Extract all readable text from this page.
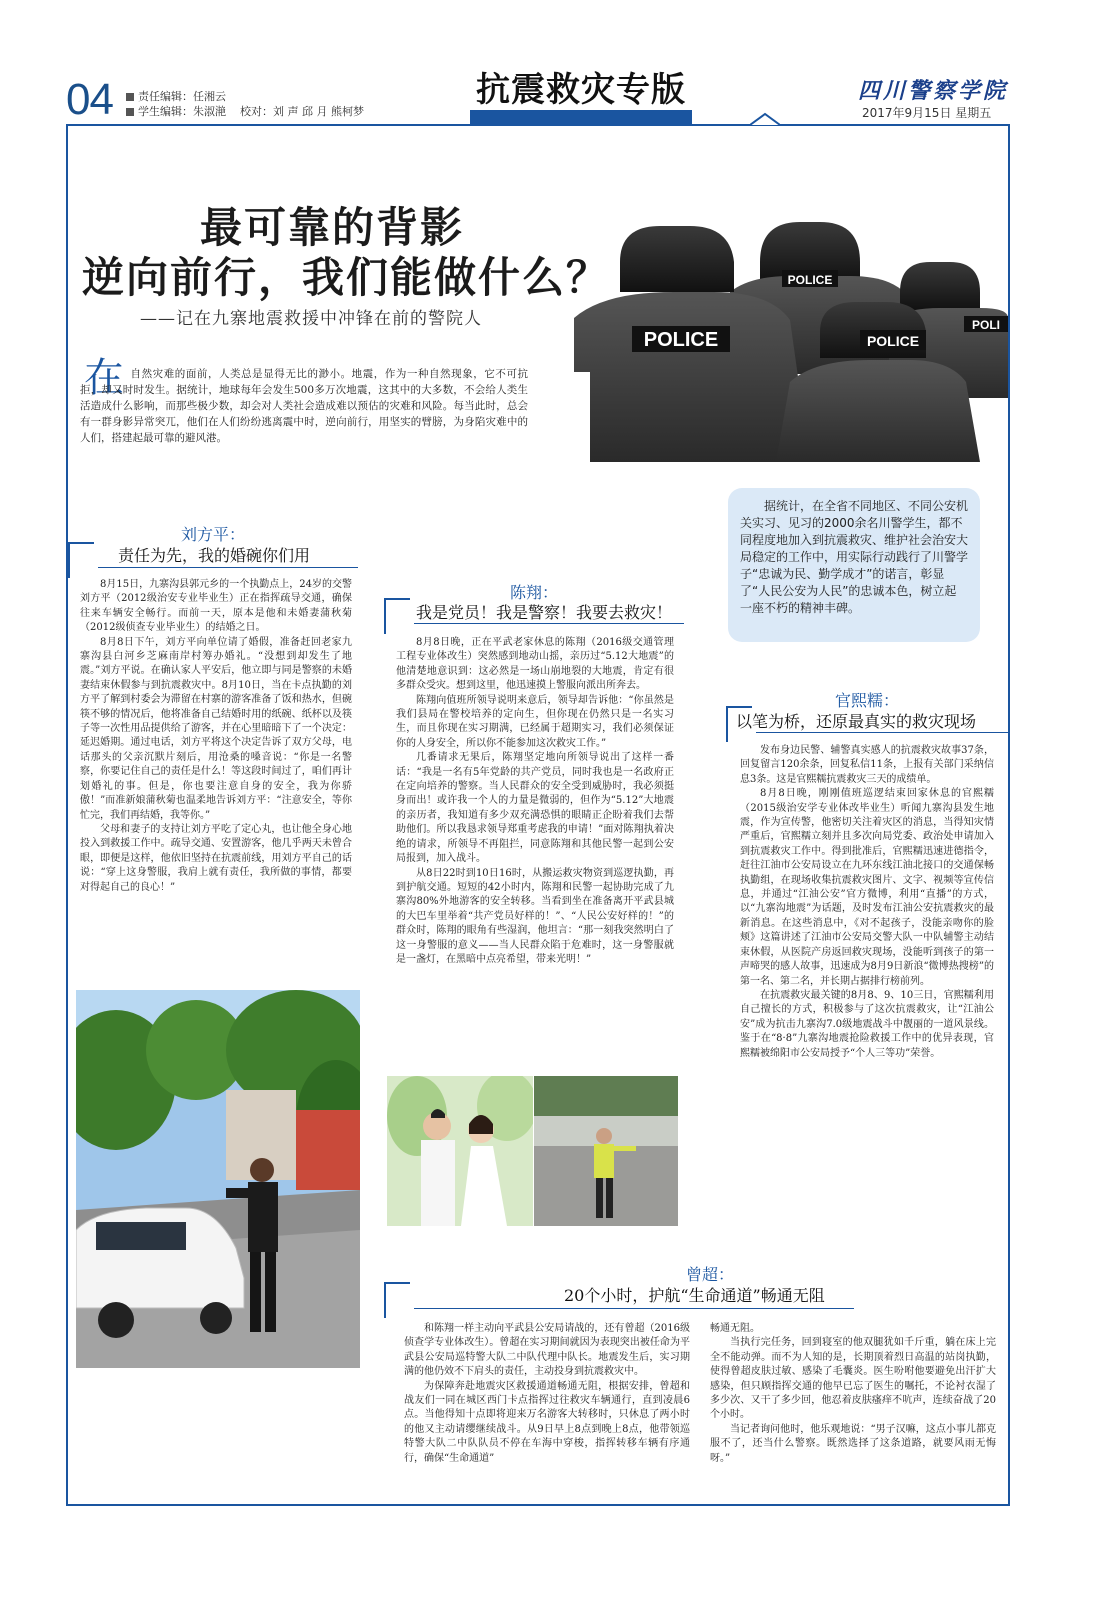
04	责任编辑：任湘云
学生编辑：朱淑滟 校对：刘 声 邱 月 熊柯梦
抗震救灾专版	四川警察学院
2017年9月15日 星期五
最可靠的背影
逆向前行，我们能做什么？
——记在九寨地震救援中冲锋在前的警院人
POLICE
POLICE
POLICE
POLI
在 自然灾难的面前，人类总是显得无比的渺小。地震，作为一种自然现象，它不可抗拒，却又时时发生。据统计，地球每年会发生500多万次地震，这其中的大多数，不会给人类生活造成什么影响，而那些极少数，却会对人类社会造成难以预估的灾难和风险。每当此时，总会有一群身影异常突兀，他们在人们纷纷逃离震中时，逆向前行，用坚实的臂膀，为身陷灾难中的人们，搭建起最可靠的避风港。
据统计，在全省不同地区、不同公安机关实习、见习的2000余名川警学生，都不同程度地加入到抗震救灾、维护社会治安大局稳定的工作中，用实际行动践行了川警学子“忠诚为民、勤学成才”的诺言，彰显了“人民公安为人民”的忠诚本色，树立起一座不朽的精神丰碑。
刘方平：
责任为先，我的婚碗你们用

8月15日，九寨沟县郭元乡的一个执勤点上，24岁的交警刘方平（2012级治安专业毕业生）正在指挥疏导交通，确保往来车辆安全畅行。而前一天，原本是他和未婚妻蒲秋菊（2012级侦查专业毕业生）的结婚之日。

8月8日下午，刘方平向单位请了婚假，准备赶回老家九寨沟县白河乡芝麻南岸村筹办婚礼。“没想到却发生了地震。”刘方平说。在确认家人平安后，他立即与同是警察的未婚妻结束休假参与到抗震救灾中。8月10日，当在卡点执勤的刘方平了解到村委会为滞留在村寨的游客准备了饭和热水，但碗筷不够的情况后，他将准备自己结婚时用的纸碗、纸杯以及筷子等一次性用品提供给了游客，并在心里暗暗下了一个决定：延迟婚期。通过电话，刘方平将这个决定告诉了双方父母，电话那头的父亲沉默片刻后，用沧桑的嗓音说：“你是一名警察，你要记住自己的责任是什么！等这段时间过了，咱们再计划婚礼的事。但是，你也要注意自身的安全，我为你骄傲！”而准新娘蒲秋菊也温柔地告诉刘方平：“注意安全，等你忙完，我们再结婚，我等你。”

父母和妻子的支持让刘方平吃了定心丸，也让他全身心地投入到救援工作中。疏导交通、安置游客，他几乎两天未曾合眼，即便是这样，他依旧坚持在抗震前线，用刘方平自己的话说：“穿上这身警服，我肩上就有责任，我所做的事情，都要对得起自己的良心！”

陈翔：
我是党员！我是警察！我要去救灾！

8月8日晚，正在平武老家休息的陈翔（2016级交通管理工程专业体改生）突然感到地动山摇，亲历过“5.12大地震”的他清楚地意识到：这必然是一场山崩地裂的大地震，肯定有很多群众受灾。想到这里，他迅速摸上警服向派出所奔去。

陈翔向值班所领导说明来意后，领导却告诉他：“你虽然是我们县局在警校培养的定向生，但你现在仍然只是一名实习生，而且你现在实习期满，已经属于超期实习，我们必须保证你的人身安全，所以你不能参加这次救灾工作。”

几番请求无果后，陈翔坚定地向所领导说出了这样一番话：“我是一名有5年党龄的共产党员，同时我也是一名政府正在定向培养的警察。当人民群众的安全受到威胁时，我必须挺身而出！或许我一个人的力量是微弱的，但作为“5.12”大地震的亲历者，我知道有多少双充满恐惧的眼睛正企盼着我们去帮助他们。所以我恳求领导郑重考虑我的申请！”面对陈翔执着决绝的请求，所领导不再阻拦，同意陈翔和其他民警一起到公安局报到，加入战斗。

从8日22时到10日16时，从搬运救灾物资到巡逻执勤，再到护航交通。短短的42小时内，陈翔和民警一起协助完成了九寨沟80%外地游客的安全转移。当看到坐在准备离开平武县城的大巴车里举着“共产党员好样的！”、“人民公安好样的！”的群众时，陈翔的眼角有些湿润，他坦言：“那一刻我突然明白了这一身警服的意义——当人民群众陷于危难时，这一身警服就是一盏灯，在黑暗中点亮希望，带来光明！”

官熙糯：
以笔为桥，还原最真实的救灾现场

发布身边民警、辅警真实感人的抗震救灾故事37条，回复留言120余条，回复私信11条，上报有关部门采纳信息3条。这是官熙糯抗震救灾三天的成绩单。

8月8日晚，刚刚值班巡逻结束回家休息的官熙糯（2015级治安学专业体改毕业生）听闻九寨沟县发生地震，作为宣传警，他密切关注着灾区的消息，当得知灾情严重后，官熙糯立刻并且多次向局党委、政治处申请加入到抗震救灾工作中。得到批准后，官熙糯迅速进德指令，赶往江油市公安局设立在九环东线江油北接口的交通保畅执勤组，在现场收集抗震救灾图片、文字、视频等宣传信息，并通过“江油公安”官方微博，利用“直播”的方式，以“九寨沟地震”为话题，及时发布江油公安抗震救灾的最新消息。在这些消息中，《对不起孩子，没能亲吻你的脸颊》这篇讲述了江油市公安局交警大队一中队辅警主动结束休假，从医院产房返回救灾现场，没能听到孩子的第一声啼哭的感人故事，迅速成为8月9日新浪“微博热搜榜”的第一名、第二名，并长期占据排行榜前列。

在抗震救灾最关键的8月8、9、10三日，官熙糯利用自己擅长的方式，积极参与了这次抗震救灾，让“江油公安”成为抗击九寨沟7.0级地震战斗中靓丽的一道风景线。鉴于在“8·8”九寨沟地震抢险救援工作中的优异表现，官熙糯被绵阳市公安局授予“个人三等功”荣誉。

曾超：
20个小时，护航“生命通道”畅通无阻

和陈翔一样主动向平武县公安局请战的，还有曾超（2016级侦查学专业体改生）。曾超在实习期间就因为表现突出被任命为平武县公安局巡特警大队二中队代理中队长。地震发生后，实习期满的他仍效不下肩头的责任，主动投身到抗震救灾中。

为保障奔赴地震灾区救援通道畅通无阻，根据安排，曾超和战友们一同在城区西门卡点指挥过往救灾车辆通行，直到凌晨6点。当他得知十点即将迎来万名游客大转移时，只休息了两小时的他又主动请缨继续战斗。从9日早上8点到晚上8点，他带领巡特警大队二中队队员不停在车海中穿梭，指挥转移车辆有序通行，确保“生命通道”

畅通无阻。

当执行完任务，回到寝室的他双腿犹如千斤重，躺在床上完全不能动弹。而不为人知的是，长期顶着烈日高温的站岗执勤，使得曾超皮肤过敏、感染了毛囊炎。医生吩咐他要避免出汗扩大感染，但只顾指挥交通的他早已忘了医生的嘱托，不论衬衣湿了多少次、又干了多少回，他忍着皮肤瘙痒不吭声，连续奋战了20个小时。

当记者询问他时，他乐观地说：“男子汉嘛，这点小事儿都克服不了，还当什么警察。既然选择了这条道路，就要风雨无悔呀。”
